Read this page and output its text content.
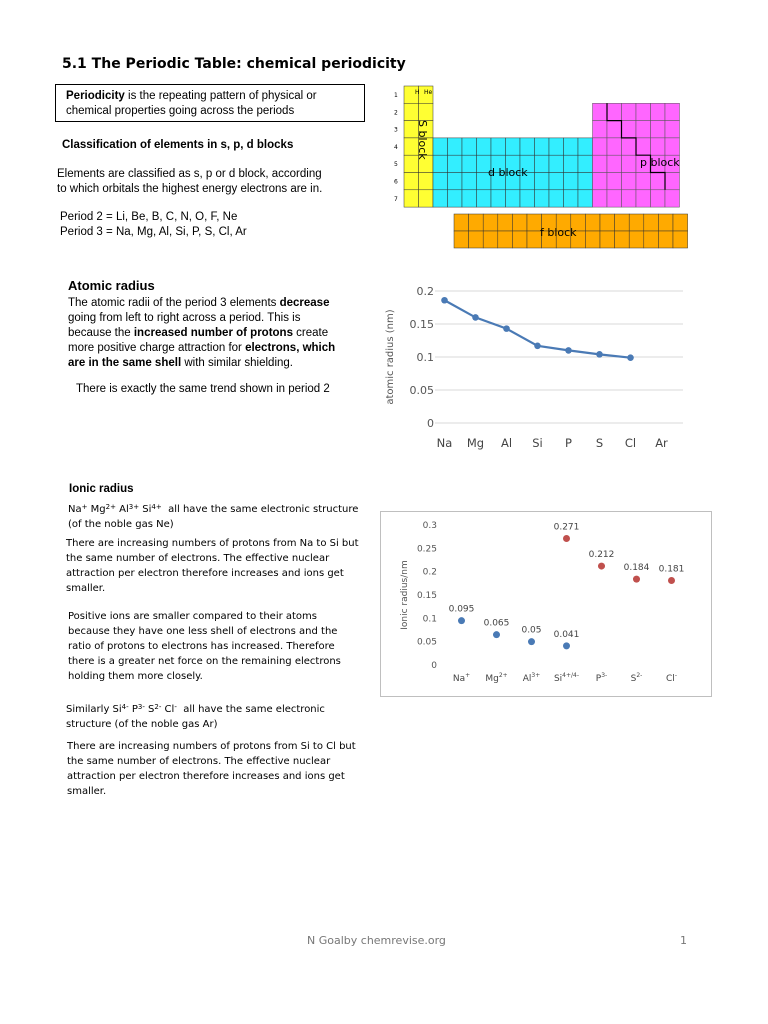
5.1 The Periodic Table: chemical periodicity
Periodicity is the repeating pattern of physical or
chemical properties going across the periods
Classification of elements in s, p, d blocks
Elements are classified as s, p or d block, according
to which orbitals the highest energy electrons are in.
Period 2 = Li, Be, B, C, N, O, F, Ne
Period 3 = Na, Mg, Al, Si, P, S, Cl, Ar
1
2
3
4
5
6
7
H He
S block
d block
p block
f block
Atomic radius
The atomic radii of the period 3 elements decrease
going from left to right across a period. This is
because the increased number of protons create
more positive charge attraction for electrons, which
are in the same shell with similar shielding.
There is exactly the same trend shown in period 2
0
0.05
0.1
0.15
0.2
atomic radius (nm)
Na Mg Al Si P S Cl Ar
Ionic radius
Na+ $Mg^{2+}$ $Al^{3+}$ $Si^{4+}$ all have the same electronic structure
(of the noble gas Ne)
There are increasing numbers of protons from Na to Si but
the same number of electrons. The effective nuclear
attraction per electron therefore increases and ions get
smaller.
Positive ions are smaller compared to their atoms
because they have one less shell of electrons and the
ratio of protons to electrons has increased. Therefore
there is a greater net force on the remaining electrons
holding them more closely.
Similarly $Si^{4-}$ $P^{3-}$ $S^{2-}$ Cl- all have the same electronic
structure (of the noble gas Ar)
There are increasing numbers of protons from Si to Cl but
the same number of electrons. The effective nuclear
attraction per electron therefore increases and ions get
smaller.
0
0.05
0.1
0.15
0.2
0.25
0.3
Ionic radius/nm
Na+ $Mg^{2+}$ $Al^{3+}$ $Si^{4+/4-}$ $P^{3-}$	$S^{2-}$	Cl-
0.095
0.065
0.05 0.041
0.271
0.212
0.184 0.181
N Goalby chemrevise.org	1
